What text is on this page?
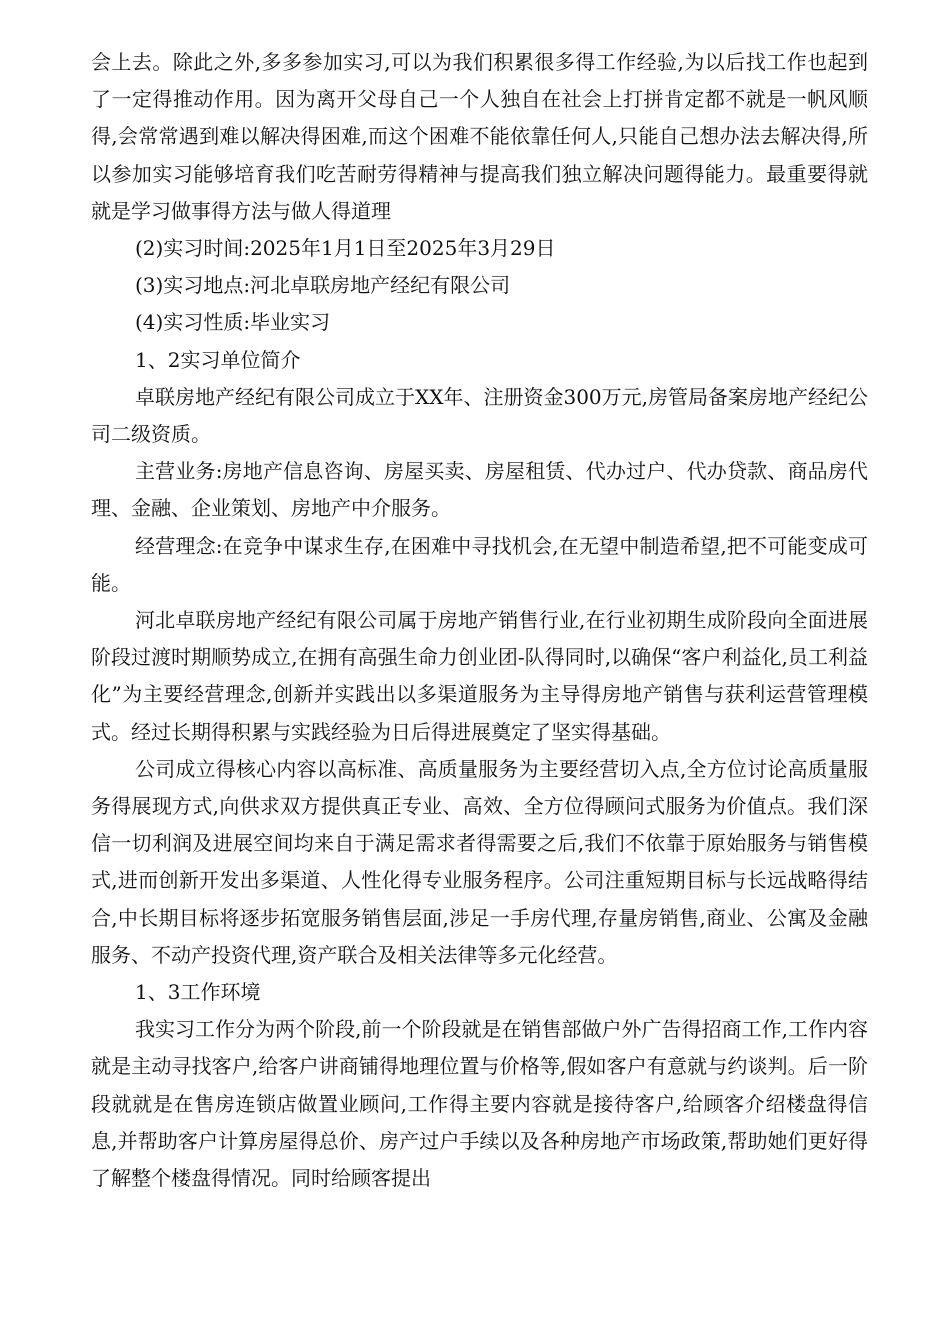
会上去。除此之外,多多参加实习,可以为我们积累很多得工作经验,为以后找工作也起到了一定得推动作用。因为离开父母自己一个人独自在社会上打拼肯定都不就是一帆风顺得,会常常遇到难以解决得困难,而这个困难不能依靠任何人,只能自己想办法去解决得,所以参加实习能够培育我们吃苦耐劳得精神与提高我们独立解决问题得能力。最重要得就就是学习做事得方法与做人得道理

(2)实习时间:2025年1月1日至2025年3月29日

(3)实习地点:河北卓联房地产经纪有限公司

(4)实习性质:毕业实习

1、2实习单位简介

卓联房地产经纪有限公司成立于XX年、注册资金300万元,房管局备案房地产经纪公司二级资质。

主营业务:房地产信息咨询、房屋买卖、房屋租赁、代办过户、代办贷款、商品房代理、金融、企业策划、房地产中介服务。

经营理念:在竞争中谋求生存,在困难中寻找机会,在无望中制造希望,把不可能变成可能。

河北卓联房地产经纪有限公司属于房地产销售行业,在行业初期生成阶段向全面进展阶段过渡时期顺势成立,在拥有高强生命力创业团-队得同时,以确保“客户利益化,员工利益化”为主要经营理念,创新并实践出以多渠道服务为主导得房地产销售与获利运营管理模式。经过长期得积累与实践经验为日后得进展奠定了坚实得基础。

公司成立得核心内容以高标准、高质量服务为主要经营切入点,全方位讨论高质量服务得展现方式,向供求双方提供真正专业、高效、全方位得顾问式服务为价值点。我们深信一切利润及进展空间均来自于满足需求者得需要之后,我们不依靠于原始服务与销售模式,进而创新开发出多渠道、人性化得专业服务程序。公司注重短期目标与长远战略得结合,中长期目标将逐步拓宽服务销售层面,涉足一手房代理,存量房销售,商业、公寓及金融服务、不动产投资代理,资产联合及相关法律等多元化经营。

1、3工作环境

我实习工作分为两个阶段,前一个阶段就是在销售部做户外广告得招商工作,工作内容就是主动寻找客户,给客户讲商铺得地理位置与价格等,假如客户有意就与约谈判。后一阶段就就是在售房连锁店做置业顾问,工作得主要内容就是接待客户,给顾客介绍楼盘得信息,并帮助客户计算房屋得总价、房产过户手续以及各种房地产市场政策,帮助她们更好得了解整个楼盘得情况。同时给顾客提出
